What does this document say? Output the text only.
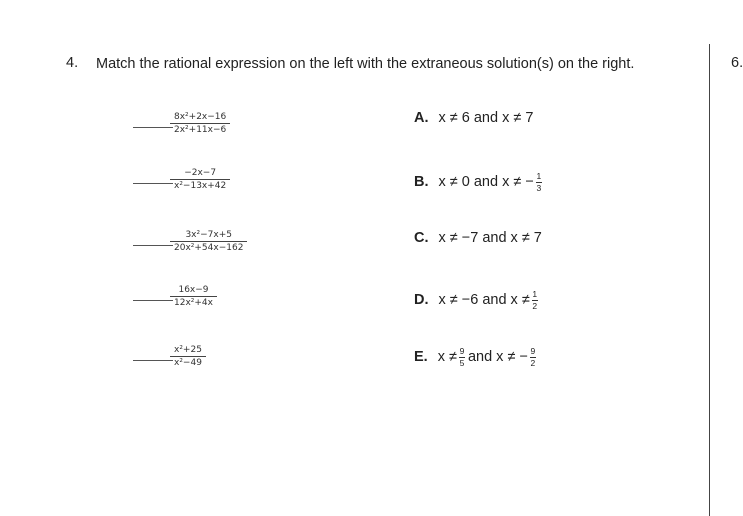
4. Match the rational expression on the left with the extraneous solution(s) on the right.	6.
8x²+2x−16
2x²+11x−6
−2x−7
x²−13x+42
3x²−7x+5
20x²+54x−162
16x−9
12x²+4x
x²+25
x²−49
A. x ≠ 6 and x ≠ 7
B. x ≠ 0 and x ≠ − 1
3
C. x ≠ −7 and x ≠ 7
D. x ≠ −6 and x ≠ 1
2
E. x ≠ 9
5 and x ≠ − 9
2
